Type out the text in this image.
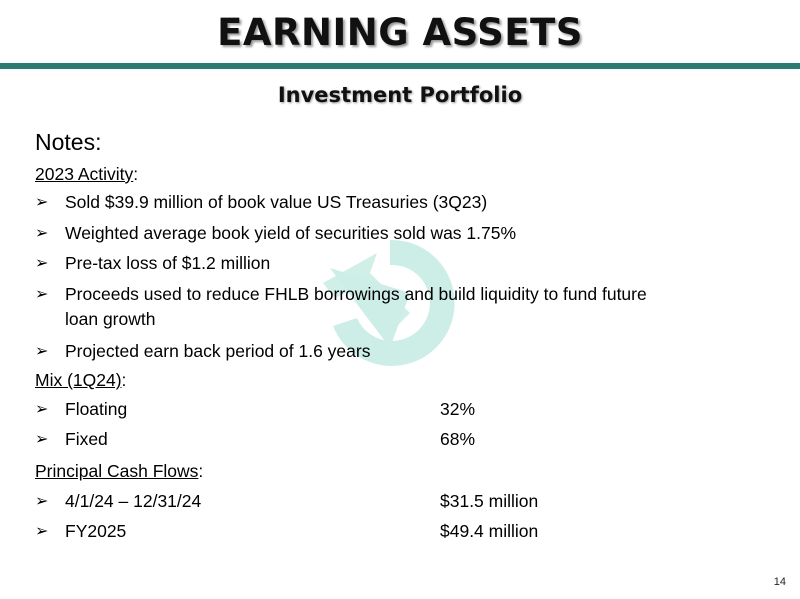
EARNING ASSETS
Investment Portfolio
Notes:
2023 Activity:
➢ Sold $39.9 million of book value US Treasuries (3Q23)
➢ Weighted average book yield of securities sold was 1.75%
➢ Pre-tax loss of $1.2 million
➢ Proceeds used to reduce FHLB borrowings and build liquidity to fund future
loan growth
➢ Projected earn back period of 1.6 years
Mix (1Q24):
➢ Floating	32%
➢ Fixed	68%
Principal Cash Flows:
➢ 4/1/24 – 12/31/24	$31.5 million
➢ FY2025	$49.4 million
14
